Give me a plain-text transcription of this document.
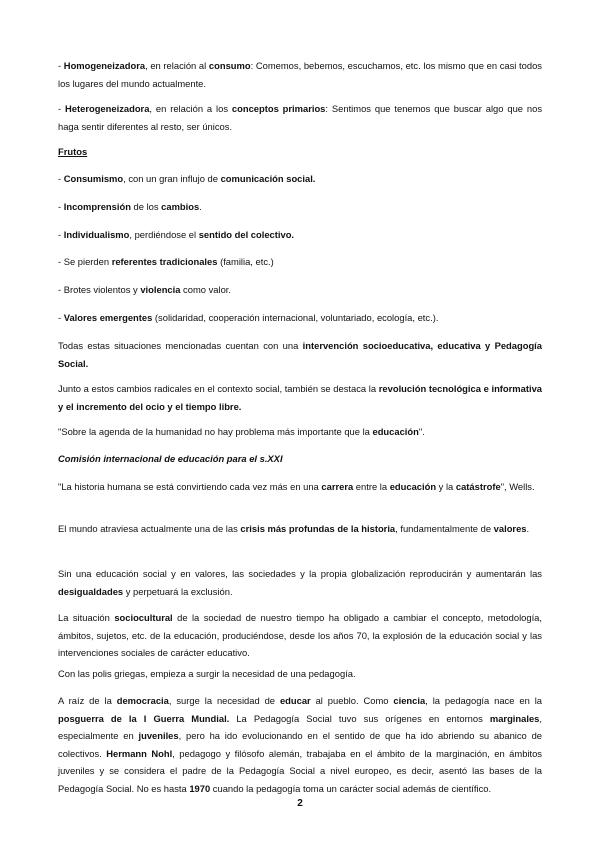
- Homogeneizadora, en relación al consumo: Comemos, bebemos, escuchamos, etc. los mismo que en casi todos los lugares del mundo actualmente.

- Heterogeneizadora, en relación a los conceptos primarios: Sentimos que tenemos que buscar algo que nos haga sentir diferentes al resto, ser únicos.

Frutos

- Consumismo, con un gran influjo de comunicación social.

- Incomprensión de los cambios.

- Individualismo, perdiéndose el sentido del colectivo.

- Se pierden referentes tradicionales (familia, etc.)

- Brotes violentos y violencia como valor.

- Valores emergentes (solidaridad, cooperación internacional, voluntariado, ecología, etc.).

Todas estas situaciones mencionadas cuentan con una intervención socioeducativa, educativa y Pedagogía Social.

Junto a estos cambios radicales en el contexto social, también se destaca la revolución tecnológica e informativa y el incremento del ocio y el tiempo libre.

"Sobre la agenda de la humanidad no hay problema más importante que la educación".

Comisión internacional de educación para el s.XXI

"La historia humana se está convirtiendo cada vez más en una carrera entre la educación y la catástrofe", Wells.

El mundo atraviesa actualmente una de las crisis más profundas de la historia, fundamentalmente de valores.

Sin una educación social y en valores, las sociedades y la propia globalización reproducirán y aumentarán las desigualdades y perpetuará la exclusión.

La situación sociocultural de la sociedad de nuestro tiempo ha obligado a cambiar el concepto, metodología, ámbitos, sujetos, etc. de la educación, produciéndose, desde los años 70, la explosión de la educación social y las intervenciones sociales de carácter educativo.

Con las polis griegas, empieza a surgir la necesidad de una pedagogía.

A raíz de la democracia, surge la necesidad de educar al pueblo. Como ciencia, la pedagogía nace en la posguerra de la I Guerra Mundial. La Pedagogía Social tuvo sus orígenes en entornos marginales, especialmente en juveniles, pero ha ido evolucionando en el sentido de que ha ido abriendo su abanico de colectivos. Hermann Nohl, pedagogo y filósofo alemán, trabajaba en el ámbito de la marginación, en ámbitos juveniles y se considera el padre de la Pedagogía Social a nivel europeo, es decir, asentó las bases de la Pedagogía Social. No es hasta 1970 cuando la pedagogía toma un carácter social además de científico.

2
